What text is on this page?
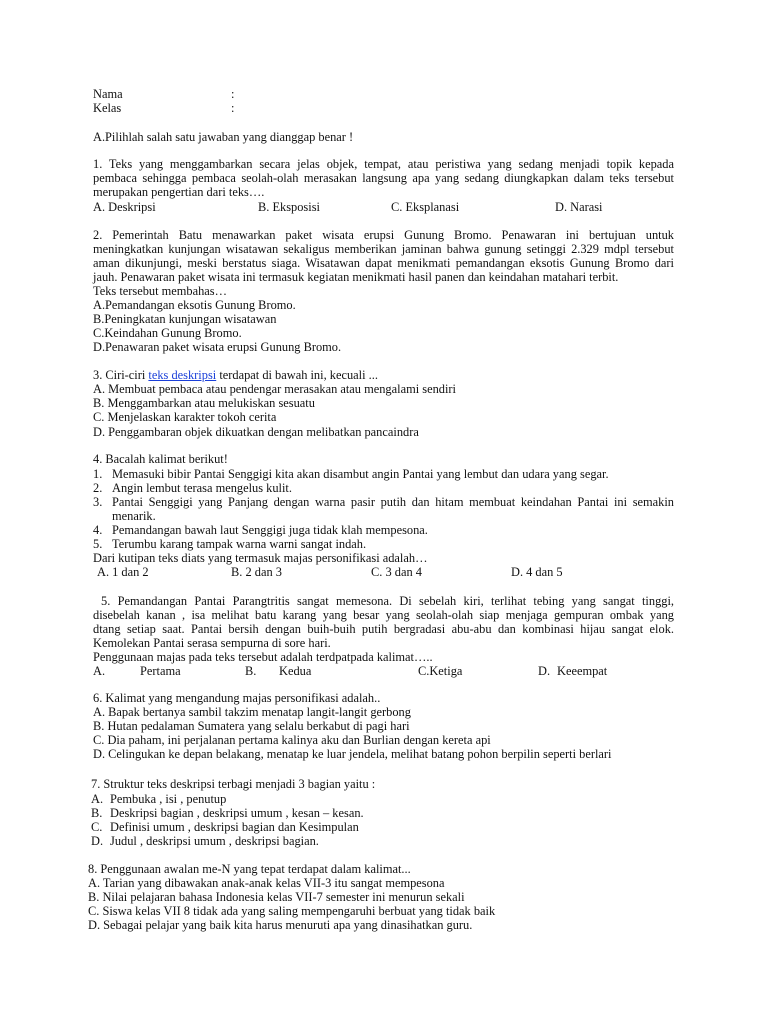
Nama	:
Kelas	:
A.Pilihlah salah satu jawaban yang dianggap benar !
1. Teks yang menggambarkan secara jelas objek, tempat, atau peristiwa yang sedang menjadi topik kepada
pembaca sehingga pembaca seolah-olah merasakan langsung apa yang sedang diungkapkan dalam teks tersebut
merupakan pengertian dari teks….
A. Deskripsi	B. Eksposisi	C. Eksplanasi	D. Narasi
2. Pemerintah Batu menawarkan paket wisata erupsi Gunung Bromo. Penawaran ini bertujuan untuk
meningkatkan kunjungan wisatawan sekaligus memberikan jaminan bahwa gunung setinggi 2.329 mdpl tersebut
aman dikunjungi, meski berstatus siaga. Wisatawan dapat menikmati pemandangan eksotis Gunung Bromo dari
jauh. Penawaran paket wisata ini termasuk kegiatan menikmati hasil panen dan keindahan matahari terbit.
Teks tersebut membahas…
A.Pemandangan eksotis Gunung Bromo.
B.Peningkatan kunjungan wisatawan
C.Keindahan Gunung Bromo.
D.Penawaran paket wisata erupsi Gunung Bromo.
3. Ciri-ciri teks deskripsi terdapat di bawah ini, kecuali ...
A. Membuat pembaca atau pendengar merasakan atau mengalami sendiri
B. Menggambarkan atau melukiskan sesuatu
C. Menjelaskan karakter tokoh cerita
D. Penggambaran objek dikuatkan dengan melibatkan pancaindra
4. Bacalah kalimat berikut!
1. Memasuki bibir Pantai Senggigi kita akan disambut angin Pantai yang lembut dan udara yang segar.
2. Angin lembut terasa mengelus kulit.
3. Pantai Senggigi yang Panjang dengan warna pasir putih dan hitam membuat keindahan Pantai ini semakin
menarik.
4. Pemandangan bawah laut Senggigi juga tidak klah mempesona.
5. Terumbu karang tampak warna warni sangat indah.
Dari kutipan teks diats yang termasuk majas personifikasi adalah…
A. 1 dan 2	B. 2 dan 3	C. 3 dan 4	D. 4 dan 5
5. Pemandangan Pantai Parangtritis sangat memesona. Di sebelah kiri, terlihat tebing yang sangat tinggi,
disebelah kanan , isa melihat batu karang yang besar yang seolah-olah siap menjaga gempuran ombak yang
dtang setiap saat. Pantai bersih dengan buih-buih putih bergradasi abu-abu dan kombinasi hijau sangat elok.
Kemolekan Pantai serasa sempurna di sore hari.
Penggunaan majas pada teks tersebut adalah terdpatpada kalimat…..
A.	Pertama	B. Kedua	C.Ketiga	D. Keeempat
6. Kalimat yang mengandung majas personifikasi adalah..
A. Bapak bertanya sambil takzim menatap langit-langit gerbong
B. Hutan pedalaman Sumatera yang selalu berkabut di pagi hari
C. Dia paham, ini perjalanan pertama kalinya aku dan Burlian dengan kereta api
D. Celingukan ke depan belakang, menatap ke luar jendela, melihat batang pohon berpilin seperti berlari
7. Struktur teks deskripsi terbagi menjadi 3 bagian yaitu :
A. Pembuka , isi , penutup
B. Deskripsi bagian , deskripsi umum , kesan – kesan.
C. Definisi umum , deskripsi bagian dan Kesimpulan
D. Judul , deskripsi umum , deskripsi bagian.
8. Penggunaan awalan me-N yang tepat terdapat dalam kalimat...
A. Tarian yang dibawakan anak-anak kelas VII-3 itu sangat mempesona
B. Nilai pelajaran bahasa Indonesia kelas VII-7 semester ini menurun sekali
C. Siswa kelas VII 8 tidak ada yang saling mempengaruhi berbuat yang tidak baik
D. Sebagai pelajar yang baik kita harus menuruti apa yang dinasihatkan guru.
